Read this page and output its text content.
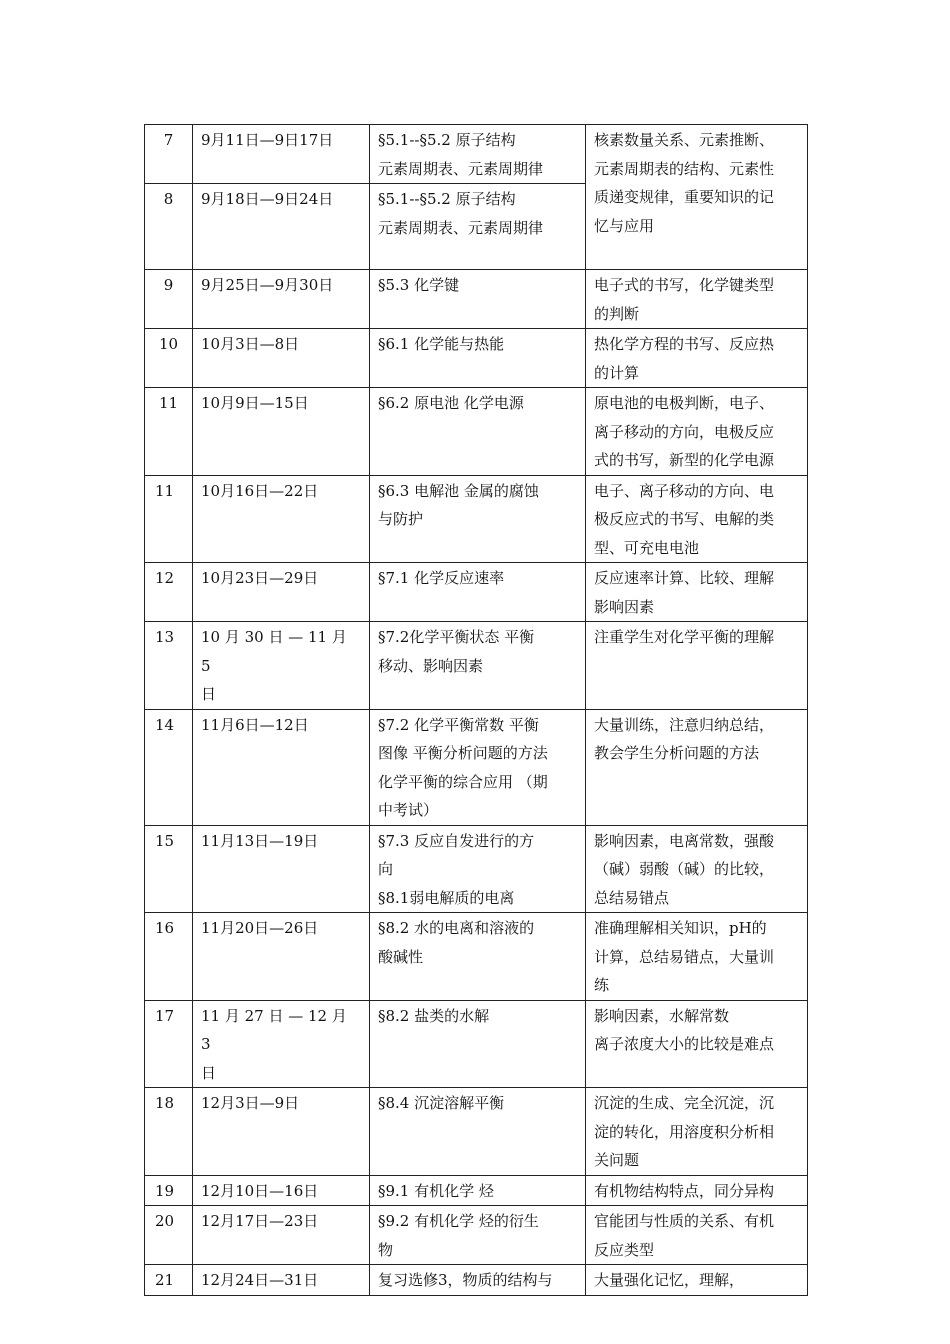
7	9月11日—9日17日	§5.1--§5.2 原子结构
元素周期表、元素周期律	核素数量关系、元素推断、
元素周期表的结构、元素性
质递变规律，重要知识的记
忆与应用
8	9月18日—9日24日	§5.1--§5.2 原子结构
元素周期表、元素周期律	
9	9月25日—9月30日	§5.3 化学键	电子式的书写，化学键类型
的判断
10	10月3日—8日	§6.1 化学能与热能	热化学方程的书写、反应热
的计算
11	10月9日—15日	§6.2 原电池 化学电源	原电池的电极判断，电子、
离子移动的方向，电极反应
式的书写，新型的化学电源
11	10月16日—22日	§6.3 电解池 金属的腐蚀
与防护	电子、离子移动的方向、电
极反应式的书写、电解的类
型、可充电电池
12	10月23日—29日	§7.1 化学反应速率	反应速率计算、比较、理解
影响因素
13	10 月 30 日 — 11 月 5
日	§7.2化学平衡状态 平衡
移动、影响因素	注重学生对化学平衡的理解
14	11月6日—12日	§7.2 化学平衡常数 平衡
图像 平衡分析问题的方法
化学平衡的综合应用 （期
中考试）	大量训练，注意归纳总结，
教会学生分析问题的方法
15	11月13日—19日	§7.3 反应自发进行的方
向
§8.1弱电解质的电离	影响因素，电离常数，强酸
（碱）弱酸（碱）的比较，
总结易错点
16	11月20日—26日	§8.2 水的电离和溶液的
酸碱性	准确理解相关知识，pH的
计算，总结易错点，大量训
练
17	11 月 27 日 — 12 月 3
日	§8.2 盐类的水解	影响因素，水解常数
离子浓度大小的比较是难点
18	12月3日—9日	§8.4 沉淀溶解平衡	沉淀的生成、完全沉淀，沉
淀的转化，用溶度积分析相
关问题
19	12月10日—16日	§9.1 有机化学 烃	有机物结构特点，同分异构
20	12月17日—23日	§9.2 有机化学 烃的衍生
物	官能团与性质的关系、有机
反应类型
21	12月24日—31日	复习选修3，物质的结构与	大量强化记忆，理解，
